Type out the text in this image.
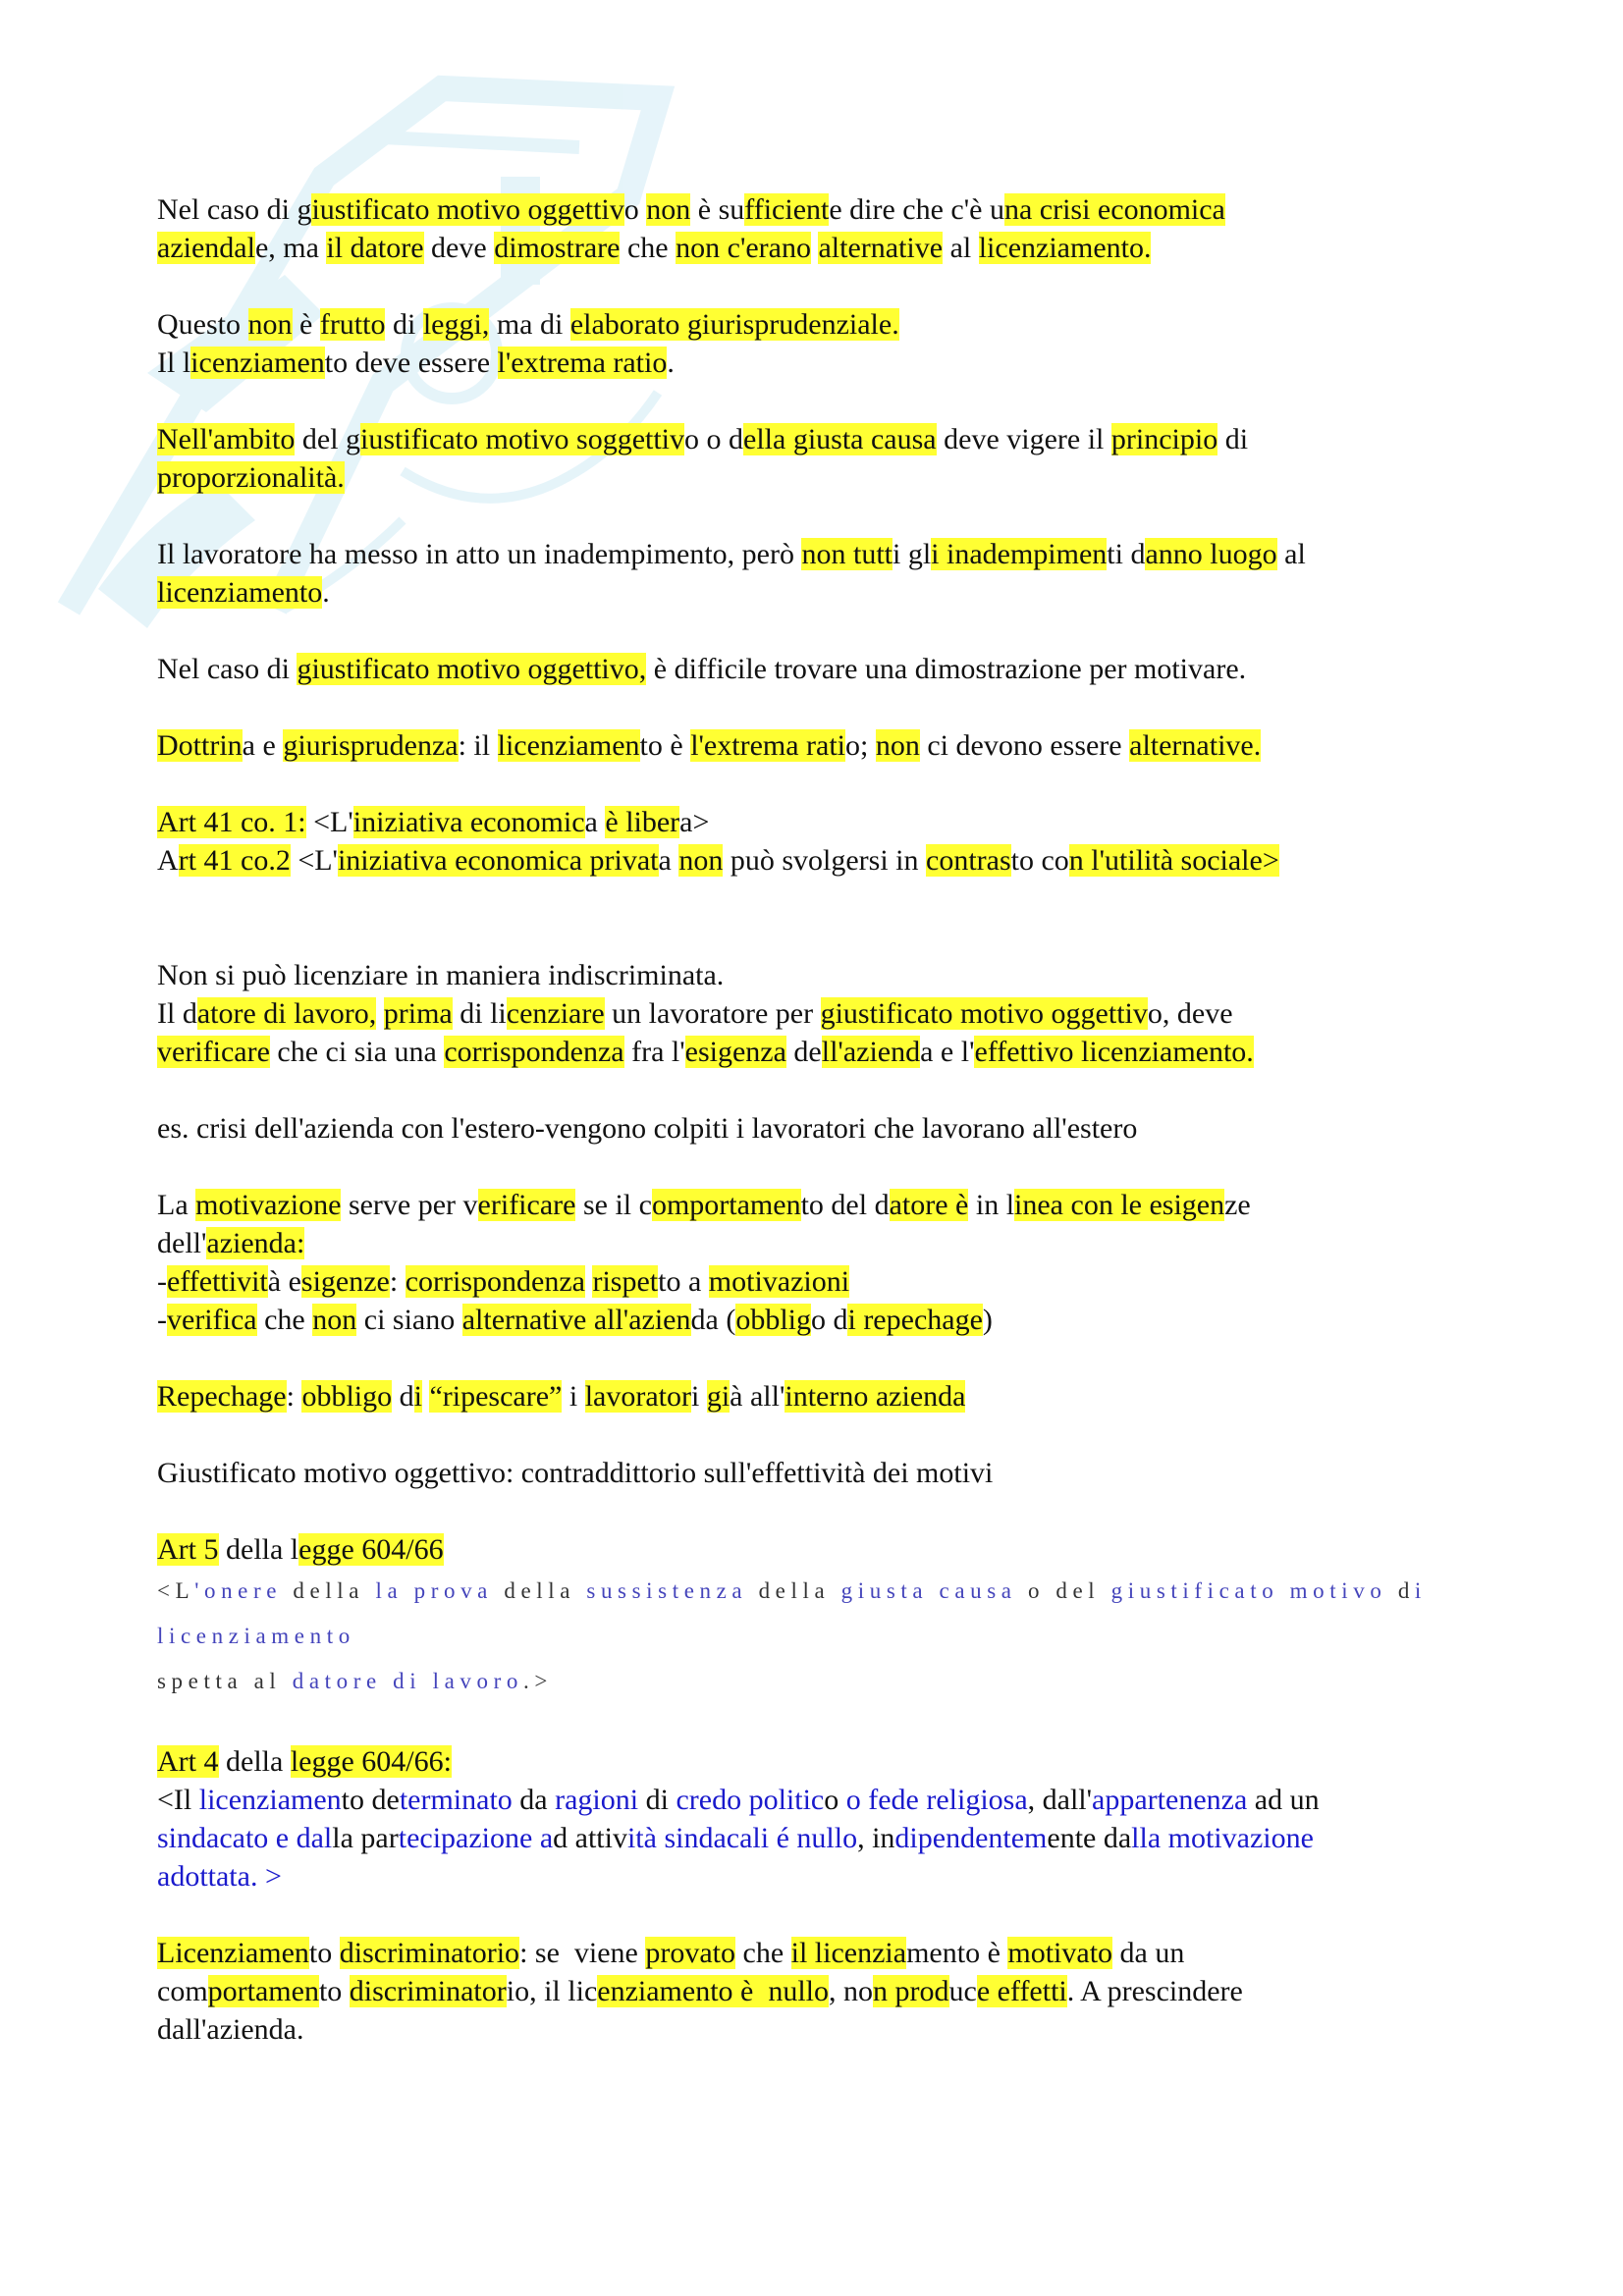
Nel caso di giustificato motivo oggettivo non è sufficiente dire che c'è una crisi economica
aziendale, ma il datore deve dimostrare che non c'erano alternative al licenziamento.
Questo non è frutto di leggi, ma di elaborato giurisprudenziale.
Il licenziamento deve essere l'extrema ratio.
Nell'ambito del giustificato motivo soggettivo o della giusta causa deve vigere il principio di
proporzionalità.
Il lavoratore ha messo in atto un inadempimento, però non tutti gli inadempimenti danno luogo al
licenziamento.
Nel caso di giustificato motivo oggettivo, è difficile trovare una dimostrazione per motivare.
Dottrina e giurisprudenza: il licenziamento è l'extrema ratio; non ci devono essere alternative.
Art 41 co. 1: <L'iniziativa economica è libera>
Art 41 co.2 <L'iniziativa economica privata non può svolgersi in contrasto con l'utilità sociale>
Non si può licenziare in maniera indiscriminata.
Il datore di lavoro, prima di licenziare un lavoratore per giustificato motivo oggettivo, deve
verificare che ci sia una corrispondenza fra l'esigenza dell'azienda e l'effettivo licenziamento.
es. crisi dell'azienda con l'estero-vengono colpiti i lavoratori che lavorano all'estero
La motivazione serve per verificare se il comportamento del datore è in linea con le esigenze
dell'azienda:
-effettività esigenze: corrispondenza rispetto a motivazioni
-verifica che non ci siano alternative all'azienda (obbligo di repechage)
Repechage: obbligo di “ripescare” i lavoratori già all'interno azienda
Giustificato motivo oggettivo: contraddittorio sull'effettività dei motivi
Art 5 della legge 604/66
<L'onere della la prova della sussistenza della giusta causa o del giustificato motivo di licenziamento
spetta al datore di lavoro.>
Art 4 della legge 604/66:
<Il licenziamento determinato da ragioni di credo politico o fede religiosa, dall'appartenenza ad un
sindacato e dalla partecipazione ad attività sindacali é nullo, indipendentemente dalla motivazione
adottata. >
Licenziamento discriminatorio: se  viene provato che il licenziamento è motivato da un
comportamento discriminatorio, il licenziamento è  nullo, non produce effetti. A prescindere
dall'azienda.
